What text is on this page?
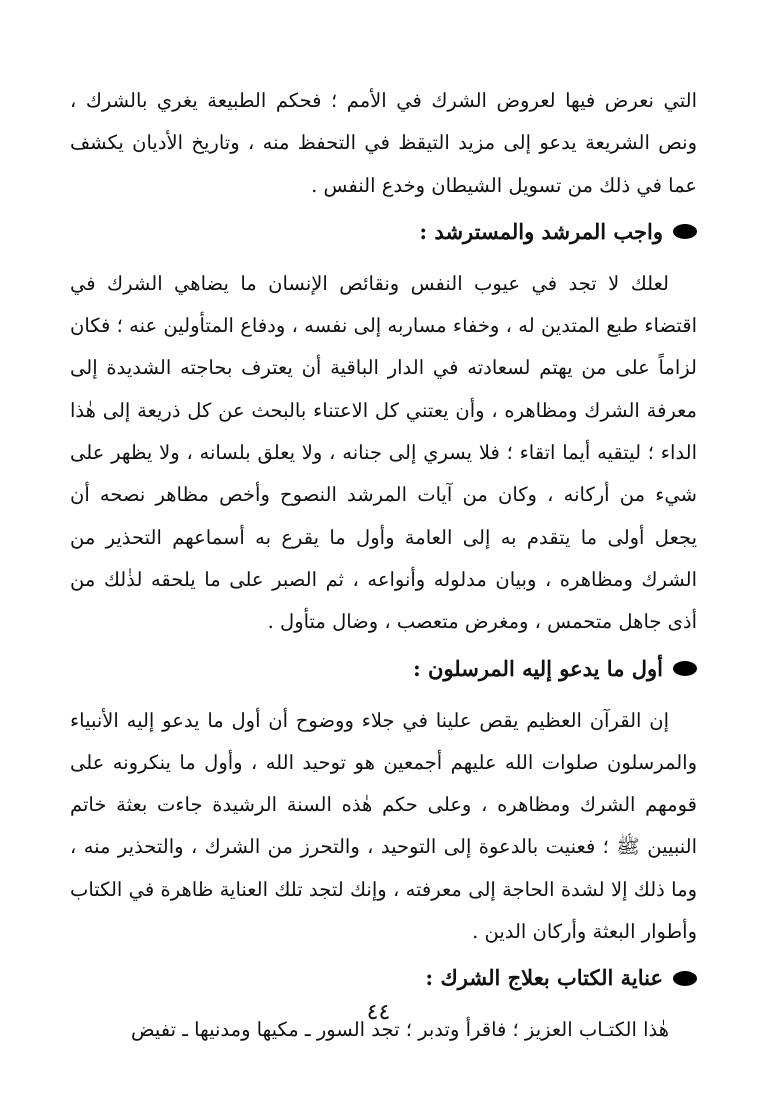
التي نعرض فيها لعروض الشرك في الأمم ؛ فحكم الطبيعة يغري بالشرك ، ونص الشريعة يدعو إلى مزيد التيقظ في التحفظ منه ، وتاريخ الأديان يكشف عما في ذلك من تسويل الشيطان وخدع النفس .

واجب المرشد والمسترشد :

لعلك لا تجد في عيوب النفس ونقائص الإنسان ما يضاهي الشرك في اقتضاء طبع المتدين له ، وخفاء مساربه إلى نفسه ، ودفاع المتأولين عنه ؛ فكان لزاماً على من يهتم لسعادته في الدار الباقية أن يعترف بحاجته الشديدة إلى معرفة الشرك ومظاهره ، وأن يعتني كل الاعتناء بالبحث عن كل ذريعة إلى هٰذا الداء ؛ ليتقيه أيما اتقاء ؛ فلا يسري إلى جنانه ، ولا يعلق بلسانه ، ولا يظهر على شيء من أركانه ، وكان من آيات المرشد النصوح وأخص مظاهر نصحه أن يجعل أولى ما يتقدم به إلى العامة وأول ما يقرع به أسماعهم التحذير من الشرك ومظاهره ، وبيان مدلوله وأنواعه ، ثم الصبر على ما يلحقه لذٰلك من أذى جاهل متحمس ، ومغرض متعصب ، وضال متأول .

أول ما يدعو إليه المرسلون :

إن القرآن العظيم يقص علينا في جلاء ووضوح أن أول ما يدعو إليه الأنبياء والمرسلون صلوات الله عليهم أجمعين هو توحيد الله ، وأول ما ينكرونه على قومهم الشرك ومظاهره ، وعلى حكم هٰذه السنة الرشيدة جاءت بعثة خاتم النبيين ﷺ ؛ فعنيت بالدعوة إلى التوحيد ، والتحرز من الشرك ، والتحذير منه ، وما ذلك إلا لشدة الحاجة إلى معرفته ، وإنك لتجد تلك العناية ظاهرة في الكتاب وأطوار البعثة وأركان الدين .

عناية الكتاب بعلاج الشرك :

هٰذا الكتـاب العزيز ؛ فاقرأ وتدبر ؛ تجد السور ـ مكيها ومدنيها ـ تفيض

٤٤
